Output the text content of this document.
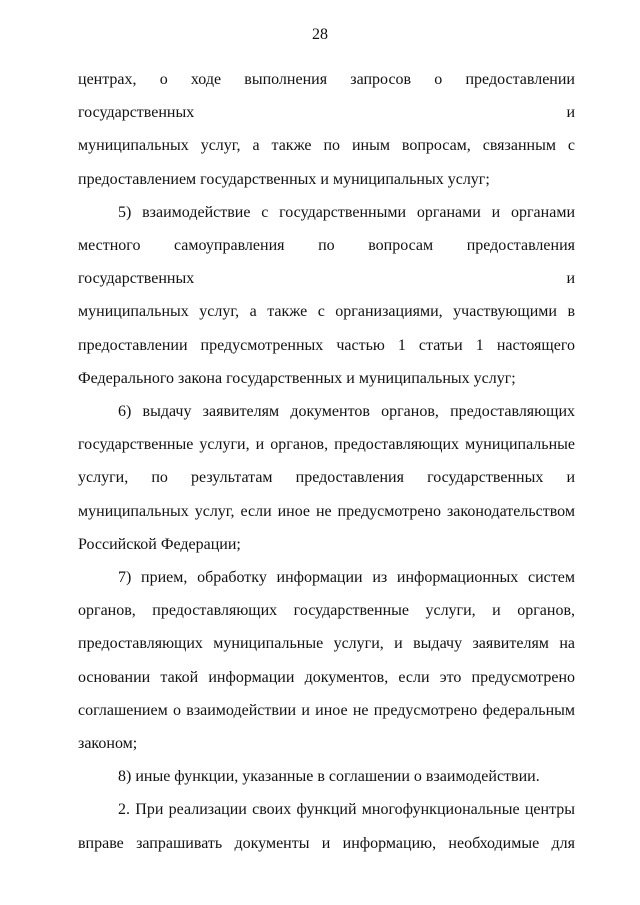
28
центрах, о ходе выполнения запросов о предоставлении государственных и
муниципальных услуг, а также по иным вопросам, связанным с
предоставлением государственных и муниципальных услуг;
5) взаимодействие с государственными органами и органами
местного самоуправления по вопросам предоставления государственных и
муниципальных услуг, а также с организациями, участвующими в
предоставлении предусмотренных частью 1 статьи 1 настоящего
Федерального закона государственных и муниципальных услуг;
6) выдачу заявителям документов органов, предоставляющих
государственные услуги, и органов, предоставляющих муниципальные
услуги, по результатам предоставления государственных и
муниципальных услуг, если иное не предусмотрено законодательством
Российской Федерации;
7) прием, обработку информации из информационных систем
органов, предоставляющих государственные услуги, и органов,
предоставляющих муниципальные услуги, и выдачу заявителям на
основании такой информации документов, если это предусмотрено
соглашением о взаимодействии и иное не предусмотрено федеральным
законом;
8) иные функции, указанные в соглашении о взаимодействии.
2. При реализации своих функций многофункциональные центры
вправе запрашивать документы и информацию, необходимые для
